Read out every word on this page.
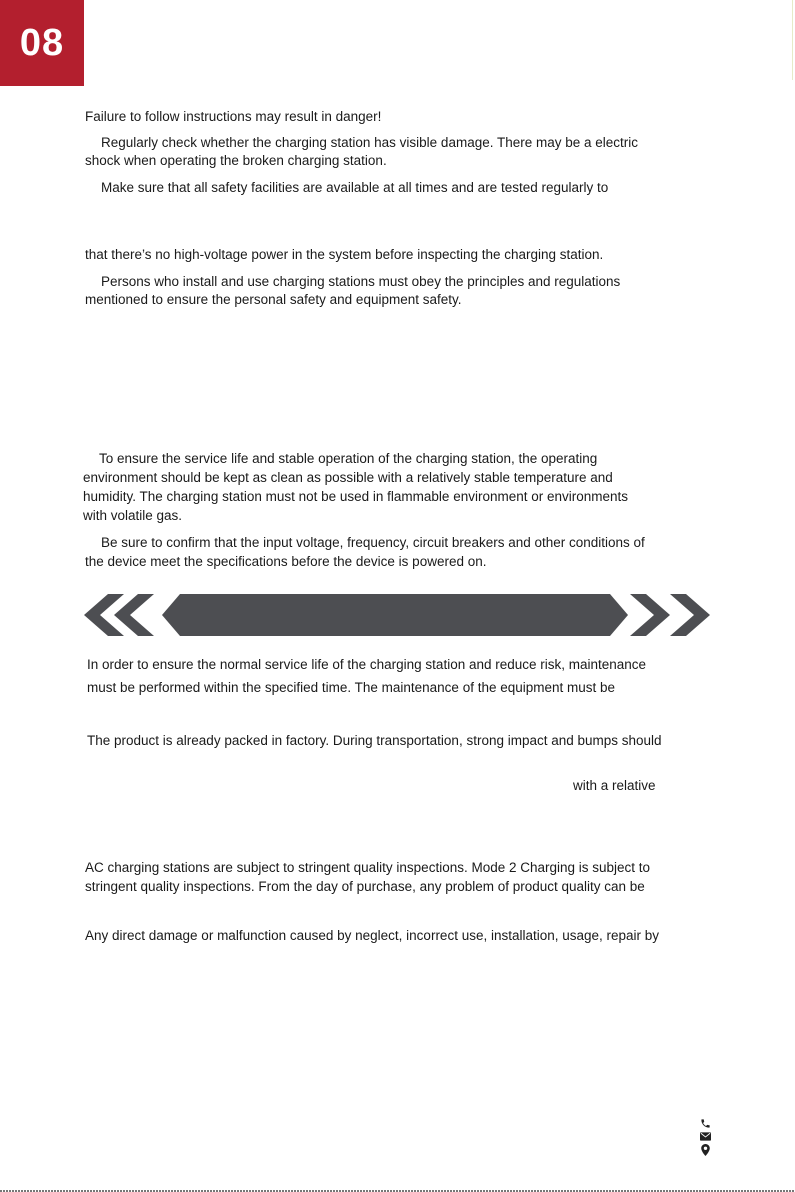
08
Failure to follow instructions may result in danger!
Regularly check whether the charging station has visible damage. There may be a electric
shock when operating the broken charging station.
Make sure that all safety facilities are available at all times and are tested regularly to
that there’s no high-voltage power in the system before inspecting the charging station.
Persons who install and use charging stations must obey the principles and regulations
mentioned to ensure the personal safety and equipment safety.
To ensure the service life and stable operation of the charging station, the operating
environment should be kept as clean as possible with a relatively stable temperature and
humidity. The charging station must not be used in flammable environment or environments
with volatile gas.
Be sure to confirm that the input voltage, frequency, circuit breakers and other conditions of
the device meet the specifications before the device is powered on.
In order to ensure the normal service life of the charging station and reduce risk, maintenance
must be performed within the specified time. The maintenance of the equipment must be
The product is already packed in factory. During transportation, strong impact and bumps should
with a relative
AC charging stations are subject to stringent quality inspections. Mode 2 Charging is subject to
stringent quality inspections. From the day of purchase, any problem of product quality can be
Any direct damage or malfunction caused by neglect, incorrect use, installation, usage, repair by
